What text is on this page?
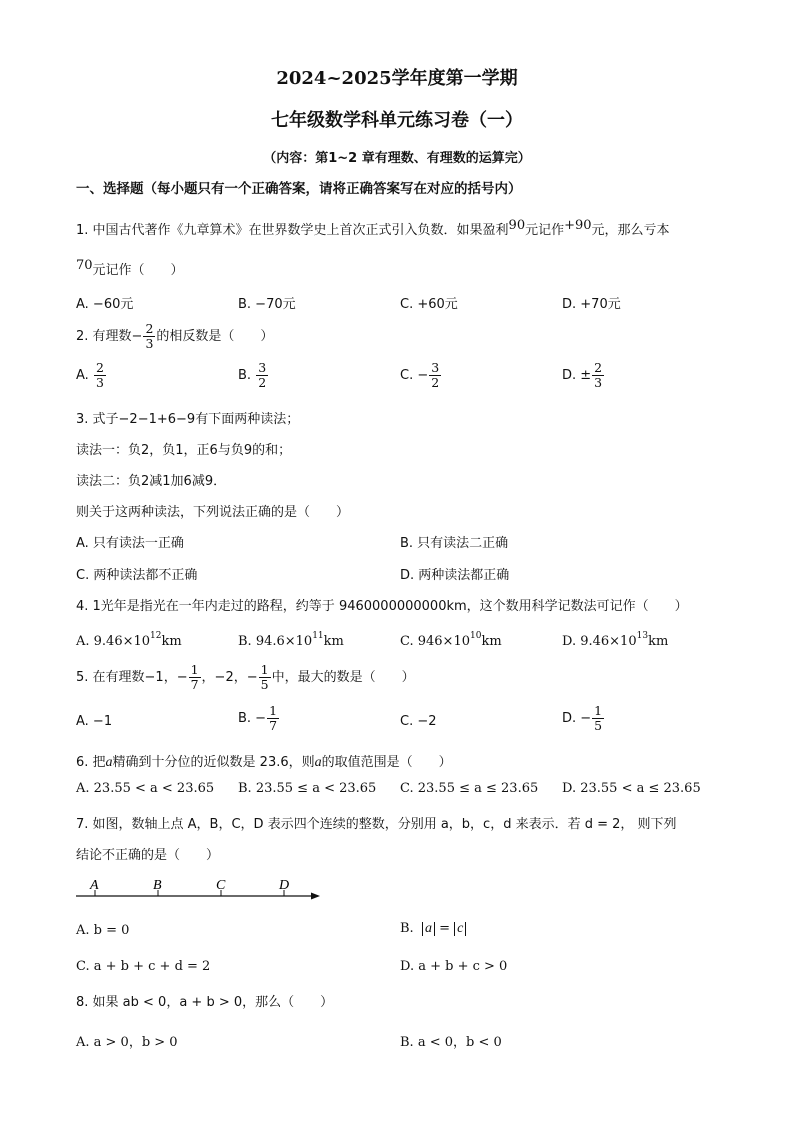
2024~2025学年度第一学期
七年级数学科单元练习卷（一）
（内容：第1~2 章有理数、有理数的运算完）
一、选择题（每小题只有一个正确答案，请将正确答案写在对应的括号内）
1. 中国古代著作《九章算术》在世界数学史上首次正式引入负数．如果盈利90元记作+90元，那么亏本
70元记作（　　）
A. −60元	B. −70元	C. +60元	D. +70元
2. 有理数− $\frac{2}{3}$ 的相反数是（　　）
A. $\frac{2}{3}$	B. $\frac{3}{2}$	C. − $\frac{3}{2}$	D. ± $\frac{2}{3}$
3. 式子−2−1+6−9有下面两种读法；
读法一：负2，负1，正6与负9的和；
读法二：负2减1加6减9．
则关于这两种读法，下列说法正确的是（　　）
A. 只有读法一正确	B. 只有读法二正确
C. 两种读法都不正确	D. 两种读法都正确
4. 1光年是指光在一年内走过的路程，约等于 9460000000000km，这个数用科学记数法可记作（　　）
A. $9.46\times 10^{12}km$	B. $94.6\times 10^{11}km$	C. $946\times 10^{10}km$	D. $9.46\times 10^{13}km$
5. 在有理数−1，− $\frac{1}{7}$ ，−2，− $\frac{1}{5}$ 中，最大的数是（　　）
A. −1	B. − $\frac{1}{7}$	C. −2	D. − $\frac{1}{5}$
6. 把a精确到十分位的近似数是 23.6，则a的取值范围是（　　）
A. 23.55 < a < 23.65 B. 23.55 ≤ a < 23.65 C. 23.55 ≤ a ≤ 23.65 D. 23.55 < a ≤ 23.65
7. 如图，数轴上点 A，B，C，D 表示四个连续的整数，分别用 a，b，c，d 来表示．若 d = 2， 则下列
结论不正确的是（　　）
A	B	C	D
A. b = 0	B. a = c
C. a + b + c + d = 2	D. a + b + c > 0
8. 如果 ab < 0，a + b > 0，那么（　　）
A. a > 0，b > 0	B. a < 0，b < 0
